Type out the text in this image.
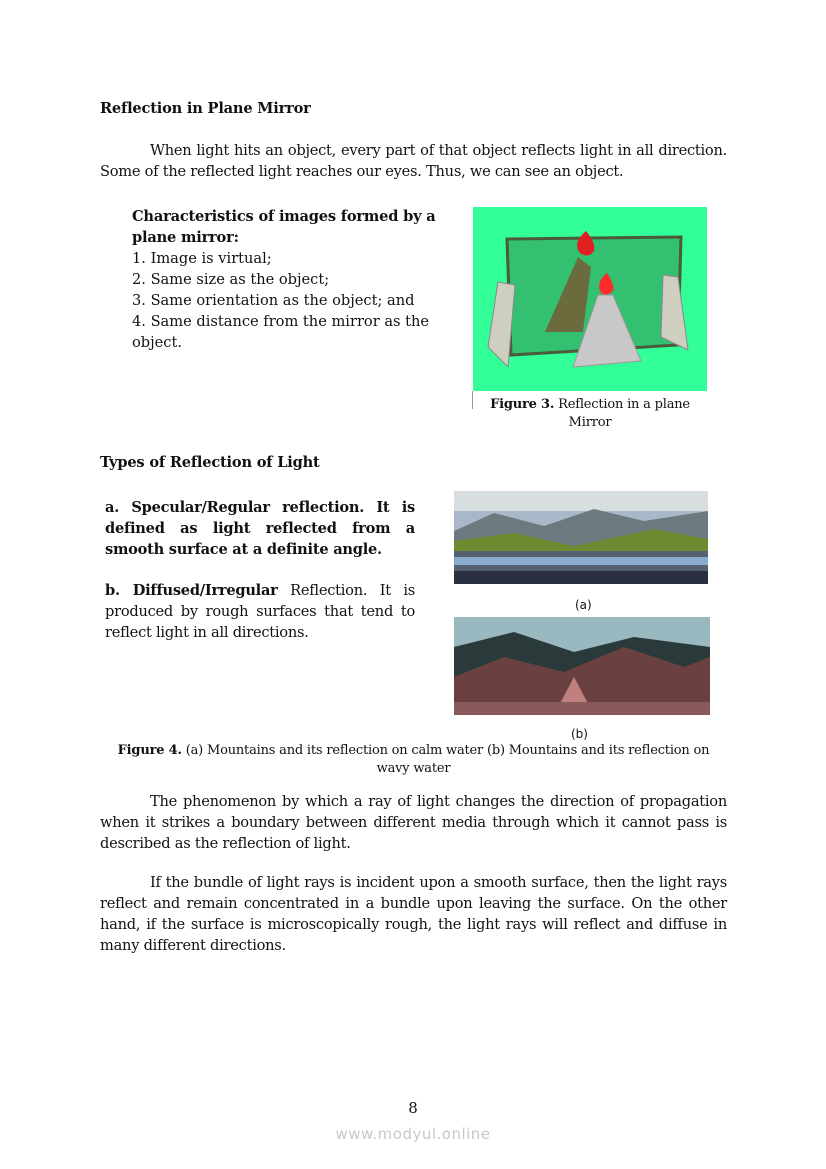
Reflection in Plane Mirror
When light hits an object, every part of that object reflects light in all direction. Some of the reflected light reaches our eyes. Thus, we can see an object.
Characteristics of images formed by a plane mirror:
1. Image is virtual;
2. Same size as the object;
3. Same orientation as the object; and
4. Same distance from the mirror as the object.
Figure 3. Reflection in a plane Mirror
Types of Reflection of Light
a. Specular/Regular reflection. It is defined as light reflected from a smooth surface at a definite angle.
b. Diffused/Irregular Reflection. It is produced by rough surfaces that tend to reflect light in all directions.
(a)
(b)
Figure 4. (a) Mountains and its reflection on calm water (b) Mountains and its reflection on wavy water
The phenomenon by which a ray of light changes the direction of propagation when it strikes a boundary between different media through which it cannot pass is described as the reflection of light.
If the bundle of light rays is incident upon a smooth surface, then the light rays reflect and remain concentrated in a bundle upon leaving the surface. On the other hand, if the surface is microscopically rough, the light rays will reflect and diffuse in many different directions.
8
www.modyul.online
